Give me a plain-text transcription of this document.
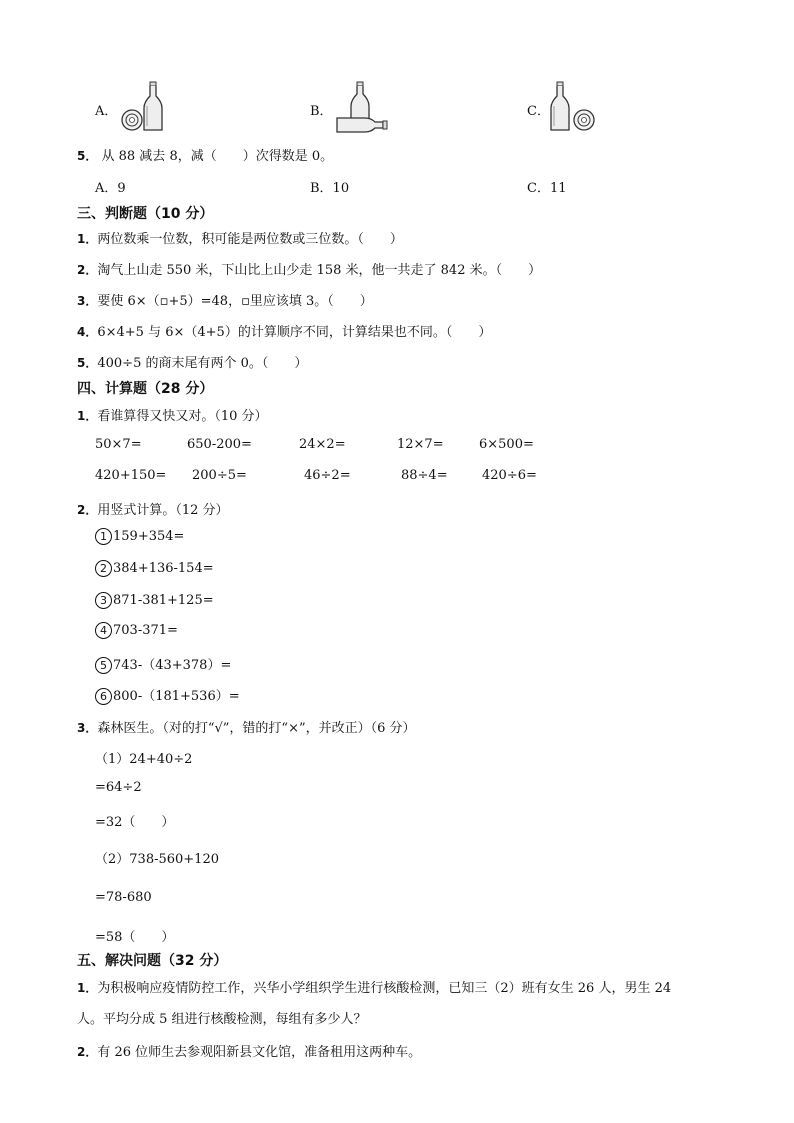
A．	B．	C．
5． 从 88 减去 8，减（　　）次得数是 0。
A．9	B．10	C．11
三、判断题（10 分）
1．两位数乘一位数，积可能是两位数或三位数。（　　）
2．淘气上山走 550 米，下山比上山少走 158 米，他一共走了 842 米。（　　）
3．要使 6×（▫+5）=48，▫里应该填 3。（　　）
4．6×4+5 与 6×（4+5）的计算顺序不同，计算结果也不同。（　　）
5．400÷5 的商末尾有两个 0。（　　）
四、计算题（28 分）
1．看谁算得又快又对。（10 分）
50×7=	650-200=	24×2=	12×7=	6×500=
420+150= 200÷5=	46÷2=	88÷4=	420÷6=
2．用竖式计算。（12 分）
1 159+354=
2 384+136-154=
3 871-381+125=
4 703-371=
5 743-（43+378）=
6 800-（181+536）=
3．森林医生。（对的打“√”，错的打“×”，并改正）（6 分）
（1）24+40÷2
=64÷2
=32（　　）
（2）738-560+120
=78-680
=58（　　）
五、解决问题（32 分）
1．为积极响应疫情防控工作，兴华小学组织学生进行核酸检测，已知三（2）班有女生 26 人，男生 24
人。平均分成 5 组进行核酸检测，每组有多少人？
2．有 26 位师生去参观阳新县文化馆，准备租用这两种车。
